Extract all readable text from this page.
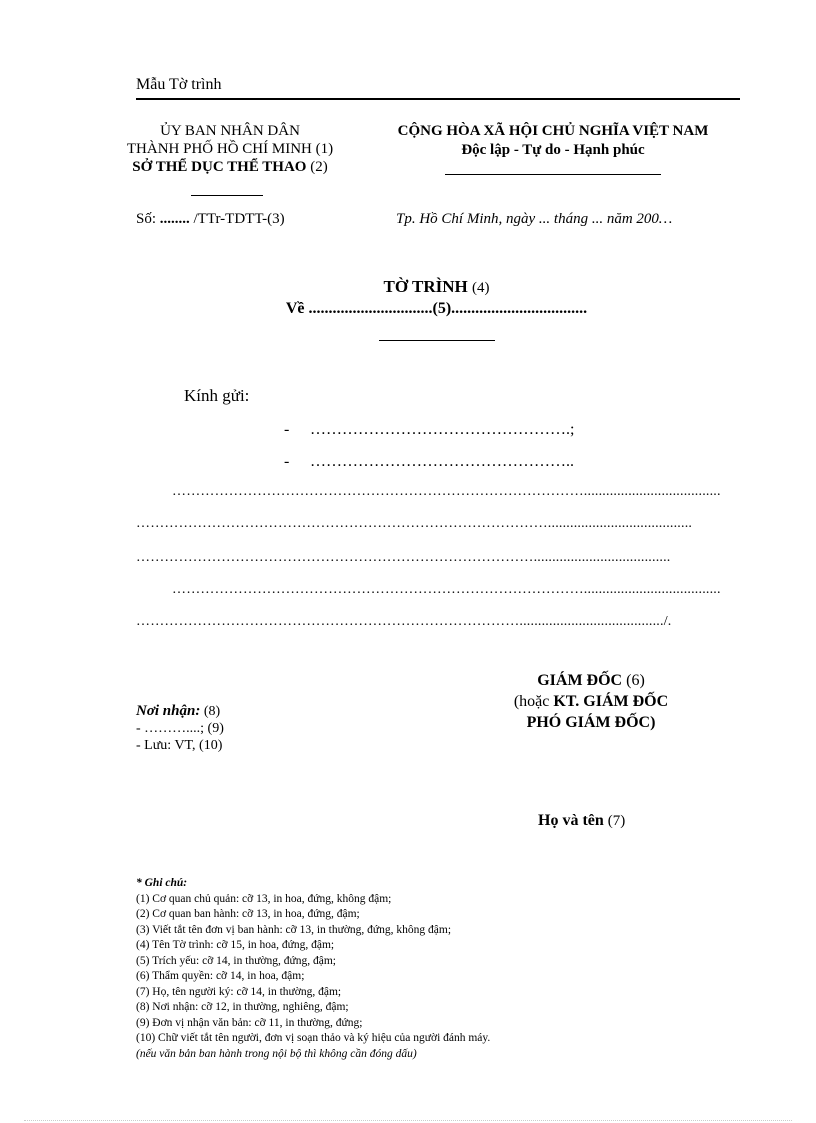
Mẫu Tờ trình
ỦY BAN NHÂN DÂN
THÀNH PHỐ HỒ CHÍ MINH (1)
SỞ THỂ DỤC THỂ THAO (2)
CỘNG HÒA XÃ HỘI CHỦ NGHĨA VIỆT NAM
Độc lập - Tự do - Hạnh phúc
Số: ........ /TTr-TDTT-(3)	Tp. Hồ Chí Minh, ngày ... tháng ... năm 200…
TỜ TRÌNH (4)
Về ...............................(5)..................................
Kính gửi:
- ………………………………………….;
- …………………………………………..
…………………………………………………………………………….....................................
…………………………………………………………………………….......................................
………………………………………………………………………….....................................
…………………………………………………………………………….....................................
………………………………………………………………………......................................./.
GIÁM ĐỐC (6)
(hoặc KT. GIÁM ĐỐC
PHÓ GIÁM ĐỐC)
Họ và tên (7)
Nơi nhận: (8)
- ………....; (9)
- Lưu: VT, (10)
* Ghi chú:
(1) Cơ quan chủ quản: cỡ 13, in hoa, đứng, không đậm;
(2) Cơ quan ban hành: cỡ 13, in hoa, đứng, đậm;
(3) Viết tắt tên đơn vị ban hành: cỡ 13, in thường, đứng, không đậm;
(4) Tên Tờ trình: cỡ 15, in hoa, đứng, đậm;
(5) Trích yếu: cỡ 14, in thường, đứng, đậm;
(6) Thẩm quyền: cỡ 14, in hoa, đậm;
(7) Họ, tên người ký: cỡ 14, in thường, đậm;
(8) Nơi nhận: cỡ 12, in thường, nghiêng, đậm;
(9) Đơn vị nhận văn bản: cỡ 11, in thường, đứng;
(10) Chữ viết tắt tên người, đơn vị soạn thảo và ký hiệu của người đánh máy.
(nếu văn bản ban hành trong nội bộ thì không cần đóng dấu)
